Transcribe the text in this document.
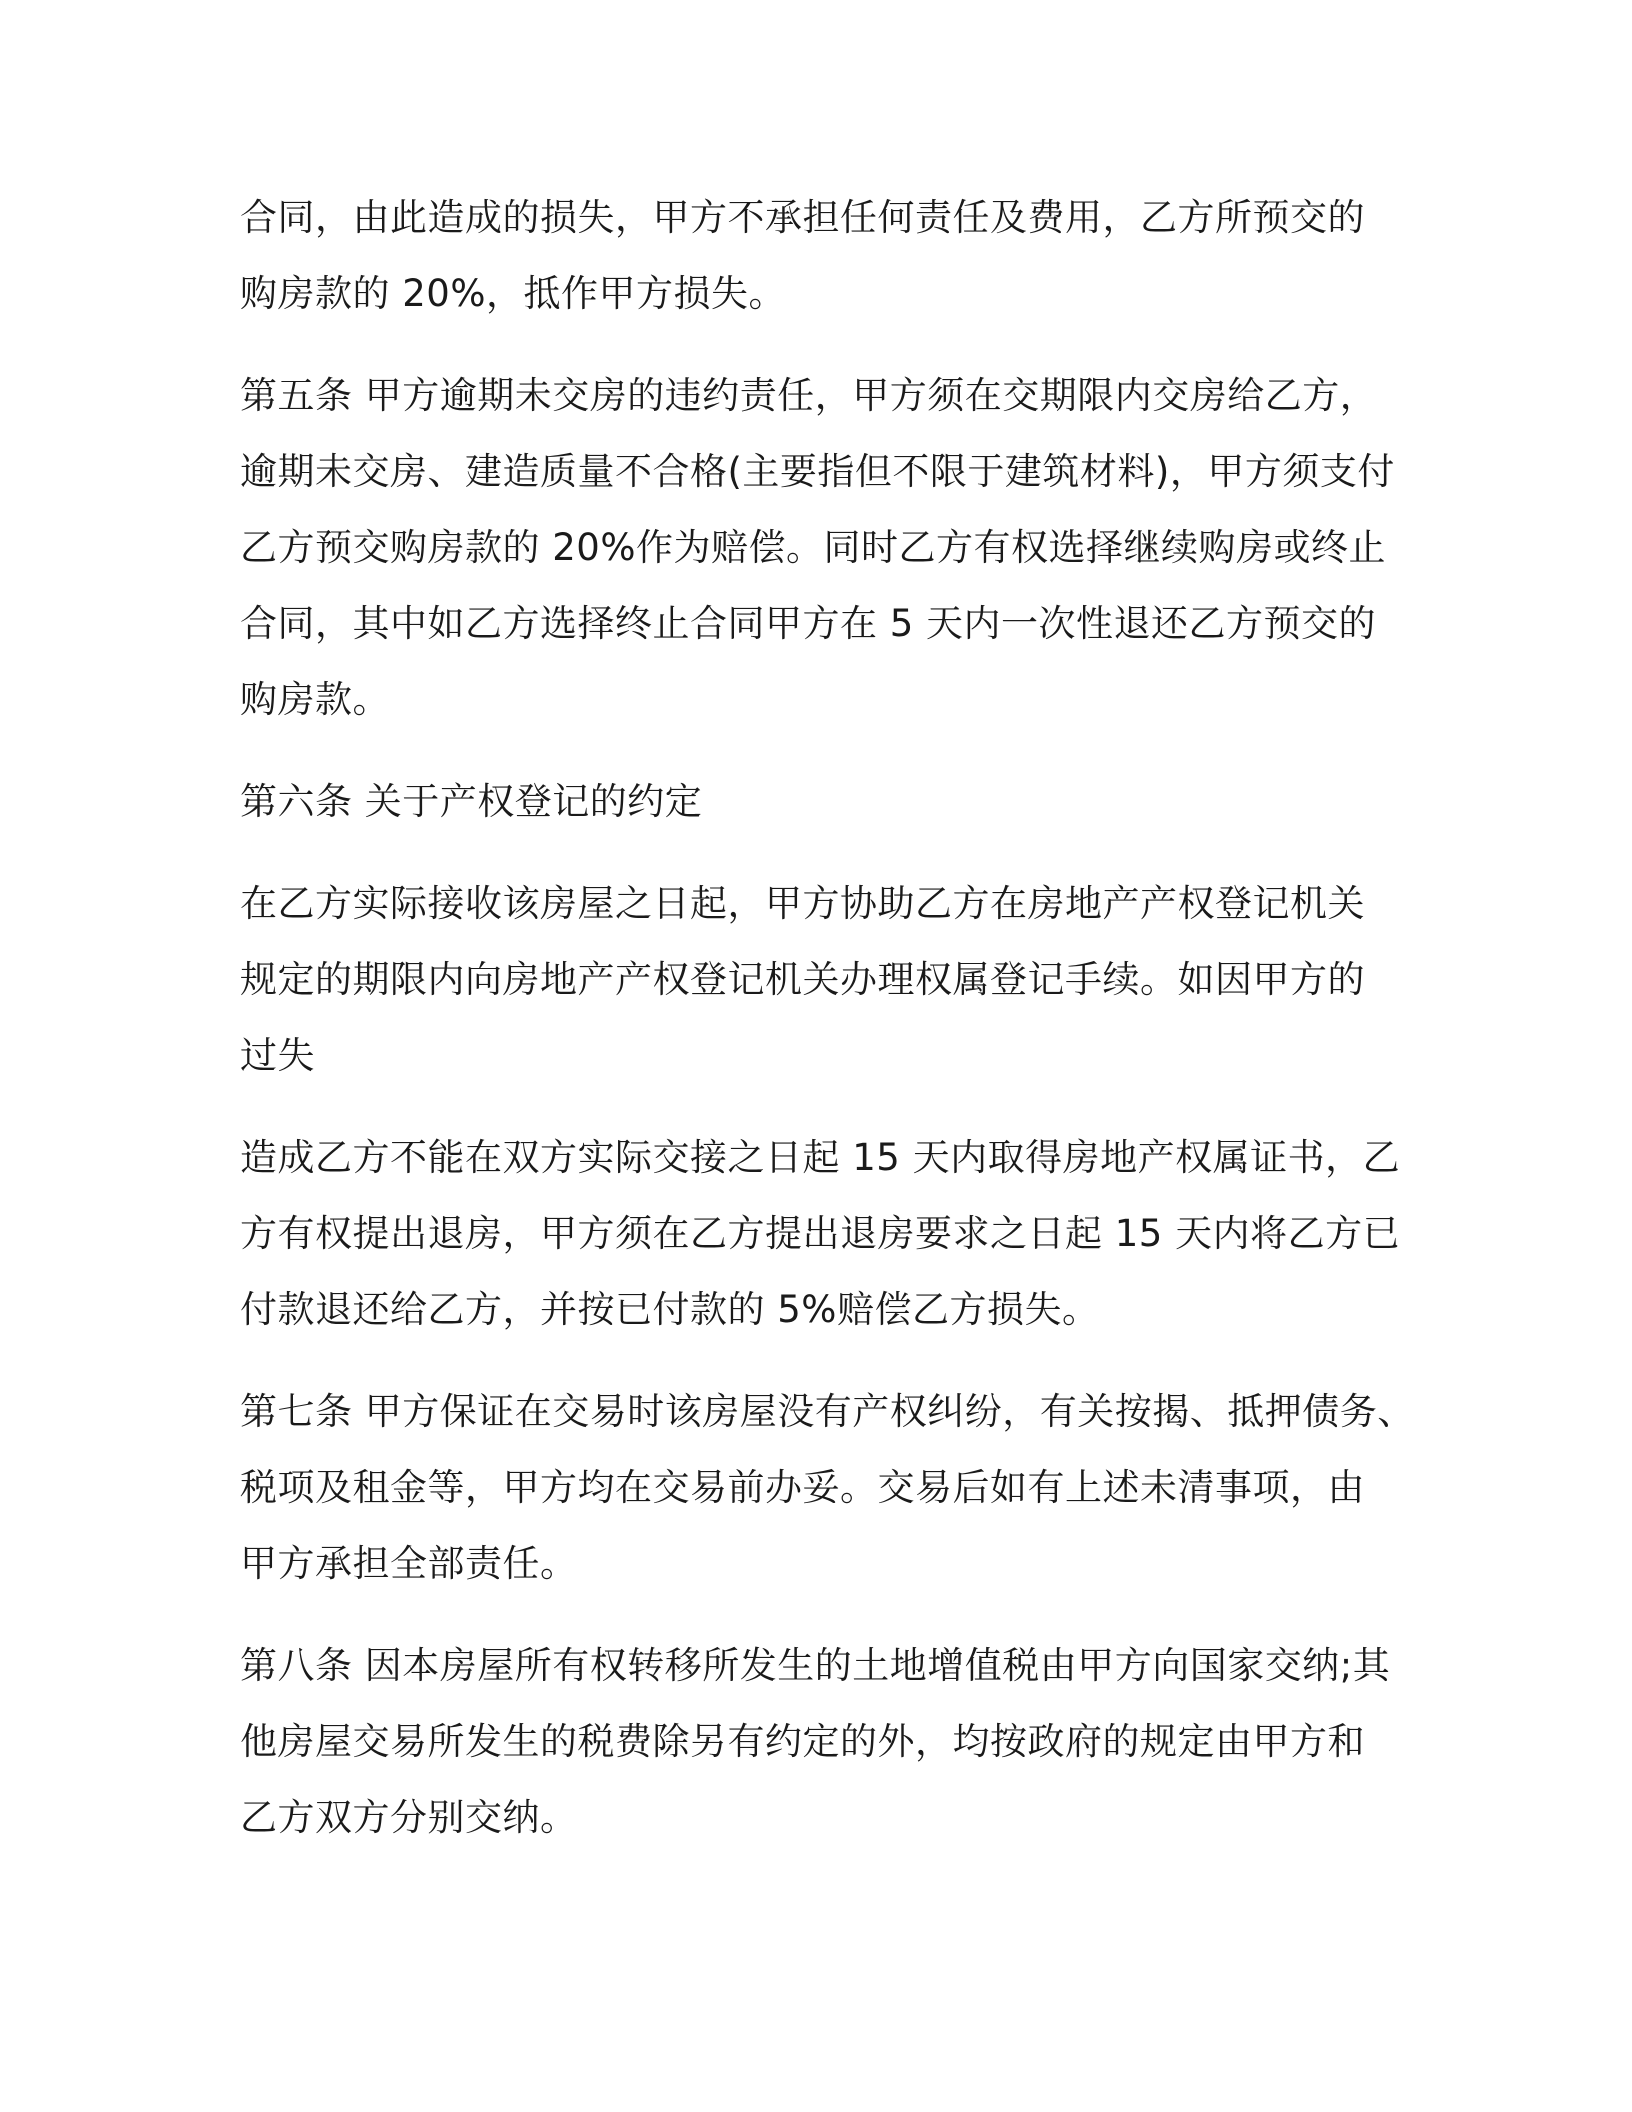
合同，由此造成的损失，甲方不承担任何责任及费用，乙方所预交的
购房款的 20%，抵作甲方损失。

第五条 甲方逾期未交房的违约责任，甲方须在交期限内交房给乙方，
逾期未交房、建造质量不合格(主要指但不限于建筑材料)，甲方须支付
乙方预交购房款的 20%作为赔偿。同时乙方有权选择继续购房或终止
合同，其中如乙方选择终止合同甲方在 5 天内一次性退还乙方预交的
购房款。

第六条 关于产权登记的约定

在乙方实际接收该房屋之日起，甲方协助乙方在房地产产权登记机关
规定的期限内向房地产产权登记机关办理权属登记手续。如因甲方的
过失

造成乙方不能在双方实际交接之日起 15 天内取得房地产权属证书，乙
方有权提出退房，甲方须在乙方提出退房要求之日起 15 天内将乙方已
付款退还给乙方，并按已付款的 5%赔偿乙方损失。

第七条 甲方保证在交易时该房屋没有产权纠纷，有关按揭、抵押债务、
税项及租金等，甲方均在交易前办妥。交易后如有上述未清事项，由
甲方承担全部责任。

第八条 因本房屋所有权转移所发生的土地增值税由甲方向国家交纳;其
他房屋交易所发生的税费除另有约定的外，均按政府的规定由甲方和
乙方双方分别交纳。
